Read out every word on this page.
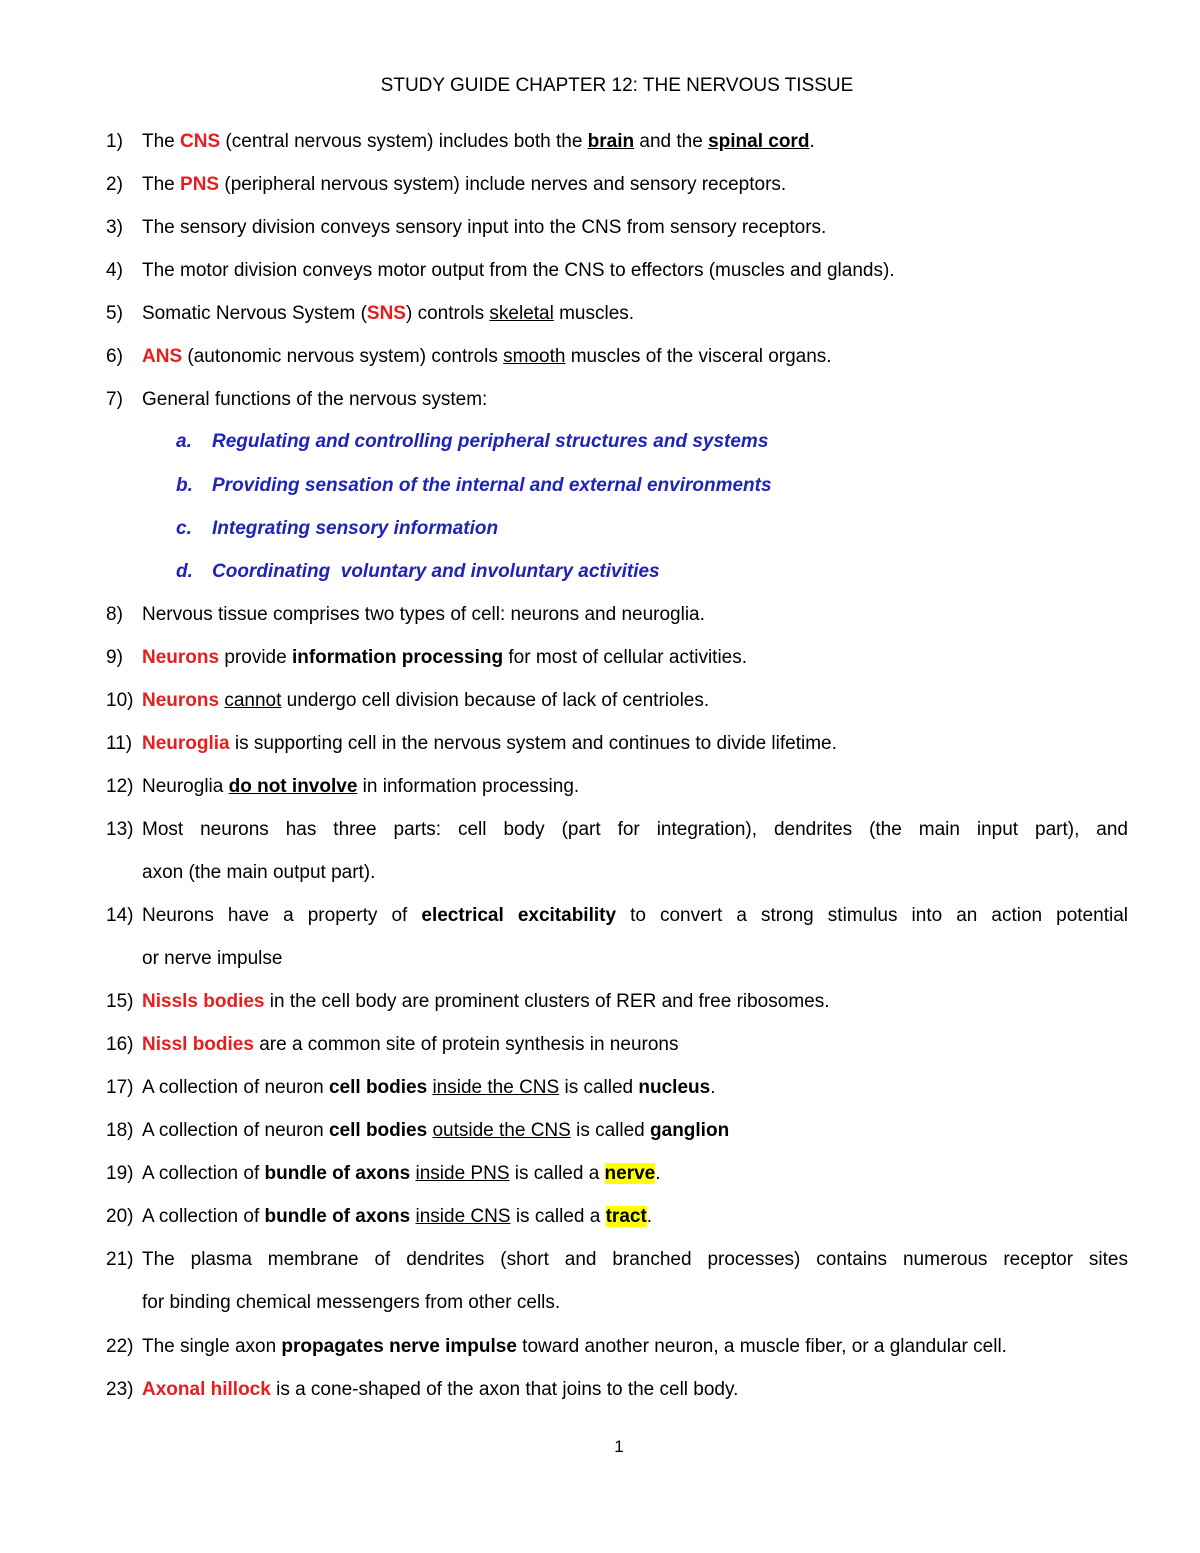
STUDY GUIDE CHAPTER 12: THE NERVOUS TISSUE
1) The CNS (central nervous system) includes both the brain and the spinal cord.
2) The PNS (peripheral nervous system) include nerves and sensory receptors.
3) The sensory division conveys sensory input into the CNS from sensory receptors.
4) The motor division conveys motor output from the CNS to effectors (muscles and glands).
5) Somatic Nervous System (SNS) controls skeletal muscles.
6) ANS (autonomic nervous system) controls smooth muscles of the visceral organs.
7) General functions of the nervous system:
a. Regulating and controlling peripheral structures and systems
b. Providing sensation of the internal and external environments
c. Integrating sensory information
d. Coordinating  voluntary and involuntary activities
8) Nervous tissue comprises two types of cell: neurons and neuroglia.
9) Neurons provide information processing for most of cellular activities.
10) Neurons cannot undergo cell division because of lack of centrioles.
11) Neuroglia is supporting cell in the nervous system and continues to divide lifetime.
12) Neuroglia do not involve in information processing.
13) Most neurons has three parts: cell body (part for integration), dendrites (the main input part), and
axon (the main output part).
14) Neurons have a property of electrical excitability to convert a strong stimulus into an action potential
or nerve impulse
15) Nissls bodies in the cell body are prominent clusters of RER and free ribosomes.
16) Nissl bodies are a common site of protein synthesis in neurons
17) A collection of neuron cell bodies inside the CNS is called nucleus.
18) A collection of neuron cell bodies outside the CNS is called ganglion
19) A collection of bundle of axons inside PNS is called a nerve.
20) A collection of bundle of axons inside CNS is called a tract.
21) The plasma membrane of dendrites (short and branched processes) contains numerous receptor sites
for binding chemical messengers from other cells.
22) The single axon propagates nerve impulse toward another neuron, a muscle fiber, or a glandular cell.
23) Axonal hillock is a cone-shaped of the axon that joins to the cell body.
1
